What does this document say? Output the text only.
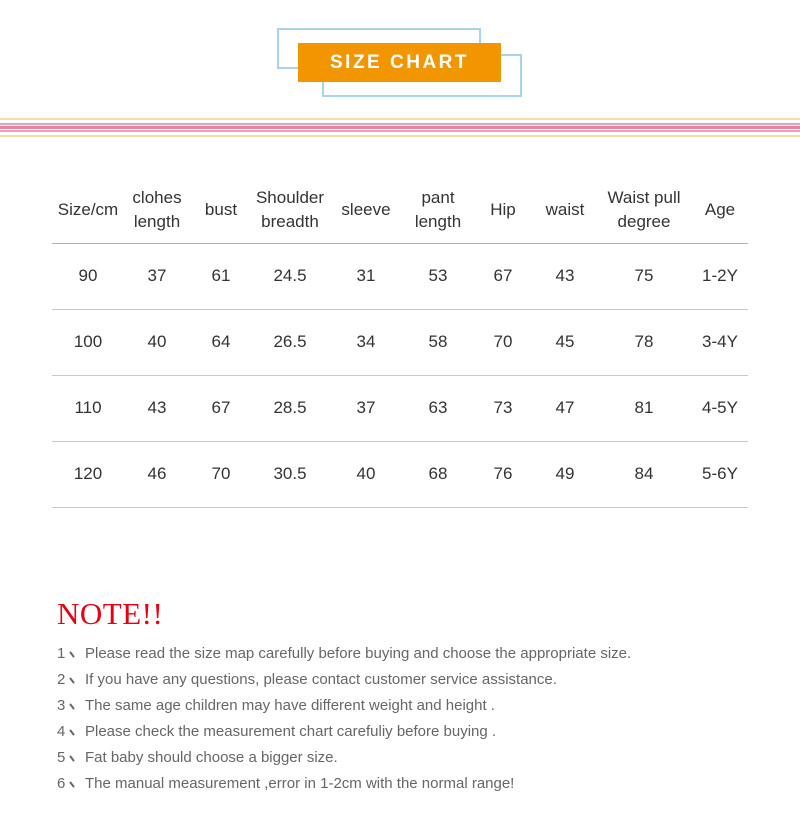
SIZE CHART
Size/cm	clohes length	bust	Shoulder breadth	sleeve	pant length	Hip	waist	Waist pull degree	Age
90	37	61	24.5	31	53	67	43	75	1-2Y
100	40	64	26.5	34	58	70	45	78	3-4Y
110	43	67	28.5	37	63	73	47	81	4-5Y
120	46	70	30.5	40	68	76	49	84	5-6Y
NOTE!!
1	Please read the size map carefully before buying and choose the appropriate size.
2	If you have any questions, please contact customer service assistance.
3	The same age children may have different weight and height .
4	Please check the measurement chart carefuliy before buying .
5	Fat baby should choose a bigger size.
6	The manual measurement ,error in 1-2cm with the normal range!
